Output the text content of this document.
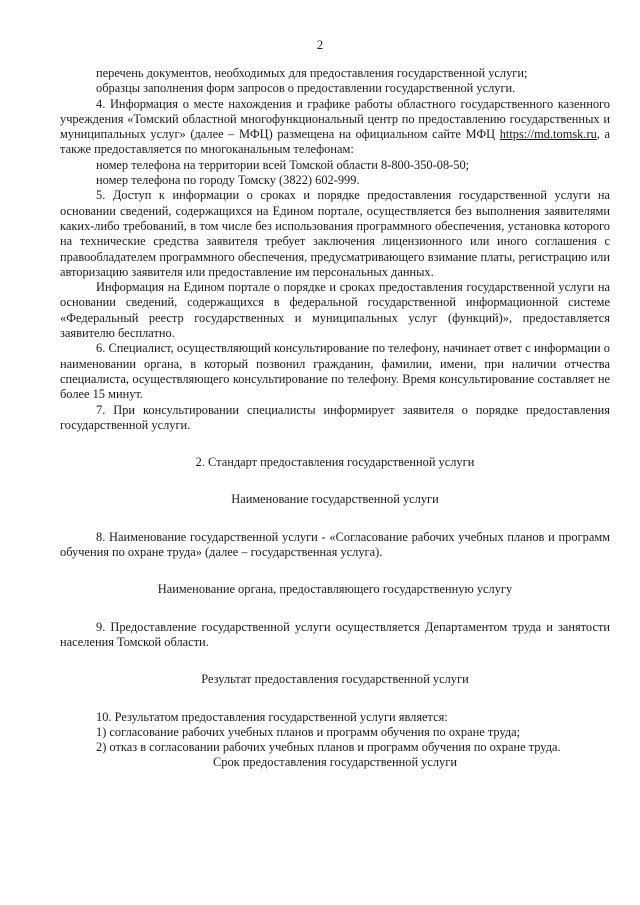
2

перечень документов, необходимых для предоставления государственной услуги;

образцы заполнения форм запросов о предоставлении государственной услуги.

4. Информация о месте нахождения и графике работы областного государственного казенного учреждения «Томский областной многофункциональный центр по предоставлению государственных и муниципальных услуг» (далее – МФЦ) размещена на официальном сайте МФЦ https://md.tomsk.ru, а также предоставляется по многоканальным телефонам:

номер телефона на территории всей Томской области 8-800-350-08-50;

номер телефона по городу Томску (3822) 602-999.

5. Доступ к информации о сроках и порядке предоставления государственной услуги на основании сведений, содержащихся на Едином портале, осуществляется без выполнения заявителями каких-либо требований, в том числе без использования программного обеспечения, установка которого на технические средства заявителя требует заключения лицензионного или иного соглашения с правообладателем программного обеспечения, предусматривающего взимание платы, регистрацию или авторизацию заявителя или предоставление им персональных данных.

Информация на Едином портале о порядке и сроках предоставления государственной услуги на основании сведений, содержащихся в федеральной государственной информационной системе «Федеральный реестр государственных и муниципальных услуг (функций)», предоставляется заявителю бесплатно.

6. Специалист, осуществляющий консультирование по телефону, начинает ответ с информации о наименовании органа, в который позвонил гражданин, фамилии, имени, при наличии отчества специалиста, осуществляющего консультирование по телефону. Время консультирование составляет не более 15 минут.

7. При консультировании специалисты информирует заявителя о порядке предоставления государственной услуги.

2. Стандарт предоставления государственной услуги
Наименование государственной услуги

8. Наименование государственной услуги - «Согласование рабочих учебных планов и программ обучения по охране труда» (далее – государственная услуга).

Наименование органа, предоставляющего государственную услугу

9. Предоставление государственной услуги осуществляется Департаментом труда и занятости населения Томской области.

Результат предоставления государственной услуги

10. Результатом предоставления государственной услуги является:

1) согласование рабочих учебных планов и программ обучения по охране труда;

2) отказ в согласовании рабочих учебных планов и программ обучения по охране труда.

Срок предоставления государственной услуги
